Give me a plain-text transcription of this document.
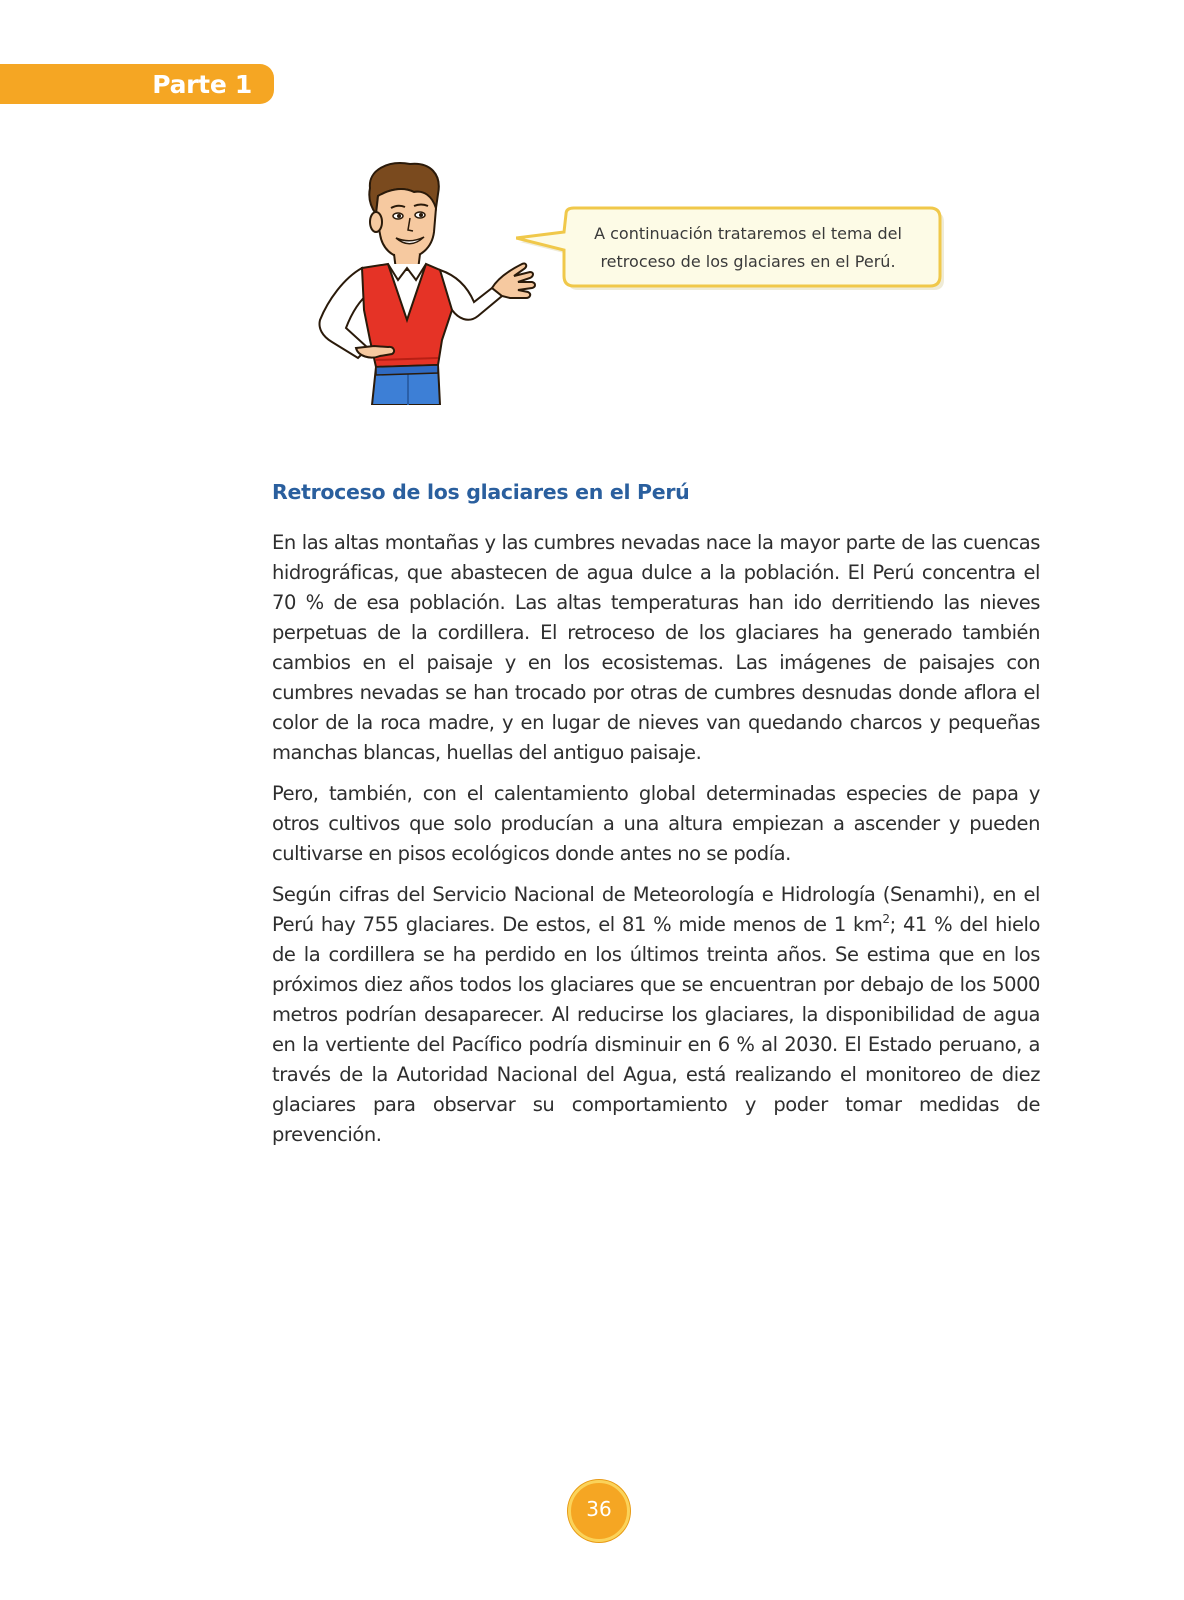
Parte 1
A continuación trataremos el tema del
retroceso de los glaciares en el Perú.
Retroceso de los glaciares en el Perú

En las altas montañas y las cumbres nevadas nace la mayor parte de las cuencas hidrográficas, que abastecen de agua dulce a la población. El Perú concentra el 70 % de esa población. Las altas temperaturas han ido derritiendo las nieves perpetuas de la cordillera. El retroceso de los glaciares ha generado también cambios en el paisaje y en los ecosistemas. Las imágenes de paisajes con cumbres nevadas se han trocado por otras de cumbres desnudas donde aflora el color de la roca madre, y en lugar de nieves van quedando charcos y pequeñas manchas blancas, huellas del antiguo paisaje.

Pero, también, con el calentamiento global determinadas especies de papa y otros cultivos que solo producían a una altura empiezan a ascender y pueden cultivarse en pisos ecológicos donde antes no se podía.

Según cifras del Servicio Nacional de Meteorología e Hidrología (Senamhi), en el Perú hay 755 glaciares. De estos, el 81 % mide menos de 1 $km^2$; 41 % del hielo de la cordillera se ha perdido en los últimos treinta años. Se estima que en los próximos diez años todos los glaciares que se encuentran por debajo de los 5000 metros podrían desaparecer. Al reducirse los glaciares, la disponibilidad de agua en la vertiente del Pacífico podría disminuir en 6 % al 2030. El Estado peruano, a través de la Autoridad Nacional del Agua, está realizando el monitoreo de diez glaciares para observar su comportamiento y poder tomar medidas de prevención.

36
